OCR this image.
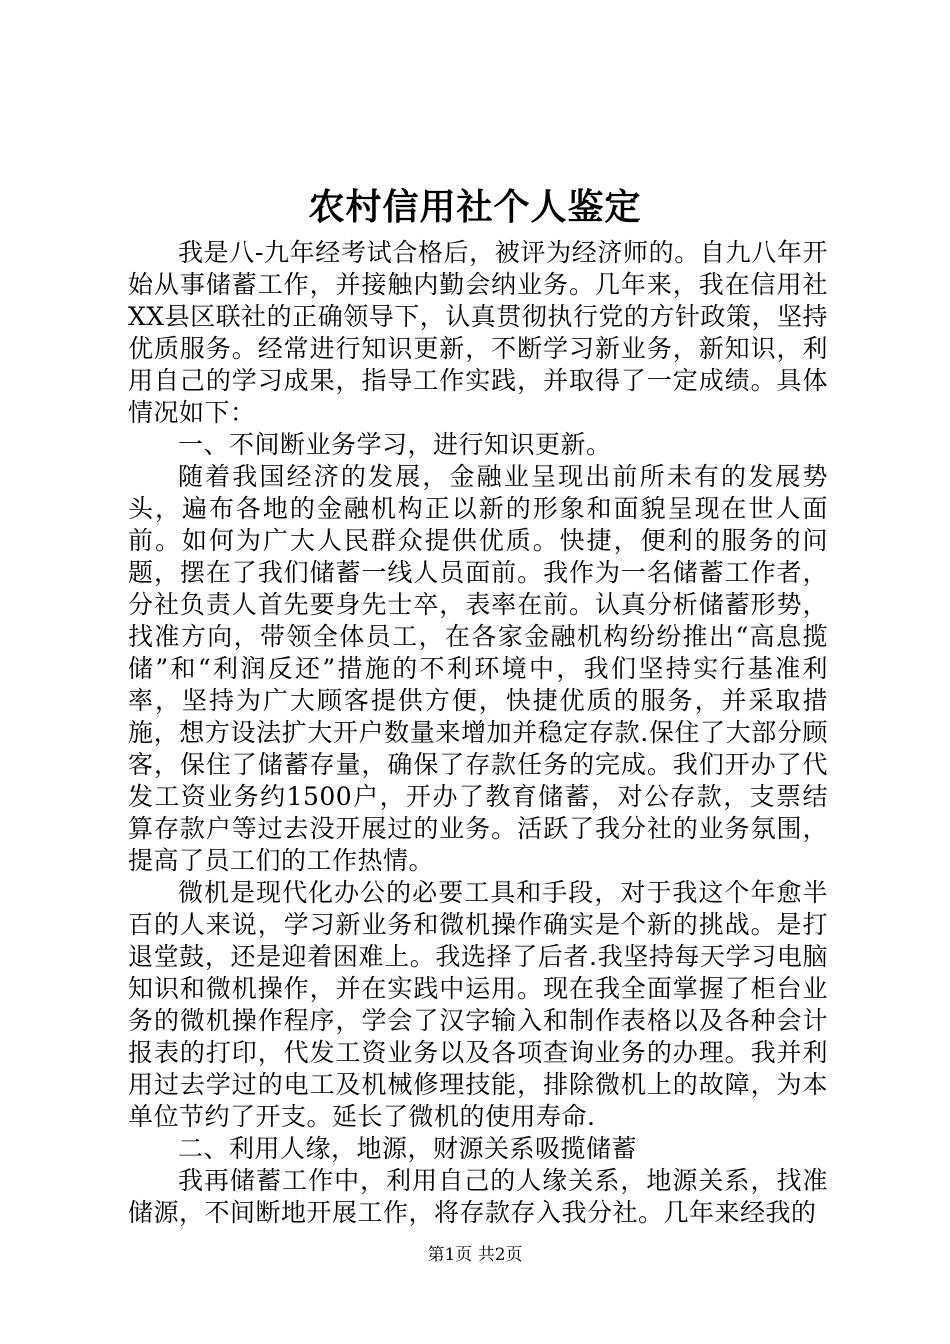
农村信用社个人鉴定

我是八-九年经考试合格后，被评为经济师的。自九八年开始从事储蓄工作，并接触内勤会纳业务。几年来，我在信用社XX县区联社的正确领导下，认真贯彻执行党的方针政策，坚持优质服务。经常进行知识更新，不断学习新业务，新知识，利用自己的学习成果，指导工作实践，并取得了一定成绩。具体情况如下：

一、不间断业务学习，进行知识更新。

随着我国经济的发展，金融业呈现出前所未有的发展势头，遍布各地的金融机构正以新的形象和面貌呈现在世人面前。如何为广大人民群众提供优质。快捷，便利的服务的问题，摆在了我们储蓄一线人员面前。我作为一名储蓄工作者，分社负责人首先要身先士卒，表率在前。认真分析储蓄形势，找准方向，带领全体员工，在各家金融机构纷纷推出“高息揽储”和“利润反还”措施的不利环境中，我们坚持实行基准利率，坚持为广大顾客提供方便，快捷优质的服务，并采取措施，想方设法扩大开户数量来增加并稳定存款.保住了大部分顾客，保住了储蓄存量，确保了存款任务的完成。我们开办了代发工资业务约1500户，开办了教育储蓄，对公存款，支票结算存款户等过去没开展过的业务。活跃了我分社的业务氛围，提高了员工们的工作热情。

微机是现代化办公的必要工具和手段，对于我这个年愈半百的人来说，学习新业务和微机操作确实是个新的挑战。是打退堂鼓，还是迎着困难上。我选择了后者.我坚持每天学习电脑知识和微机操作，并在实践中运用。现在我全面掌握了柜台业务的微机操作程序，学会了汉字输入和制作表格以及各种会计报表的打印，代发工资业务以及各项查询业务的办理。我并利用过去学过的电工及机械修理技能，排除微机上的故障，为本单位节约了开支。延长了微机的使用寿命.

二、利用人缘，地源，财源关系吸揽储蓄

我再储蓄工作中，利用自己的人缘关系，地源关系，找准储源，不间断地开展工作，将存款存入我分社。几年来经我的

第1页 共2页
